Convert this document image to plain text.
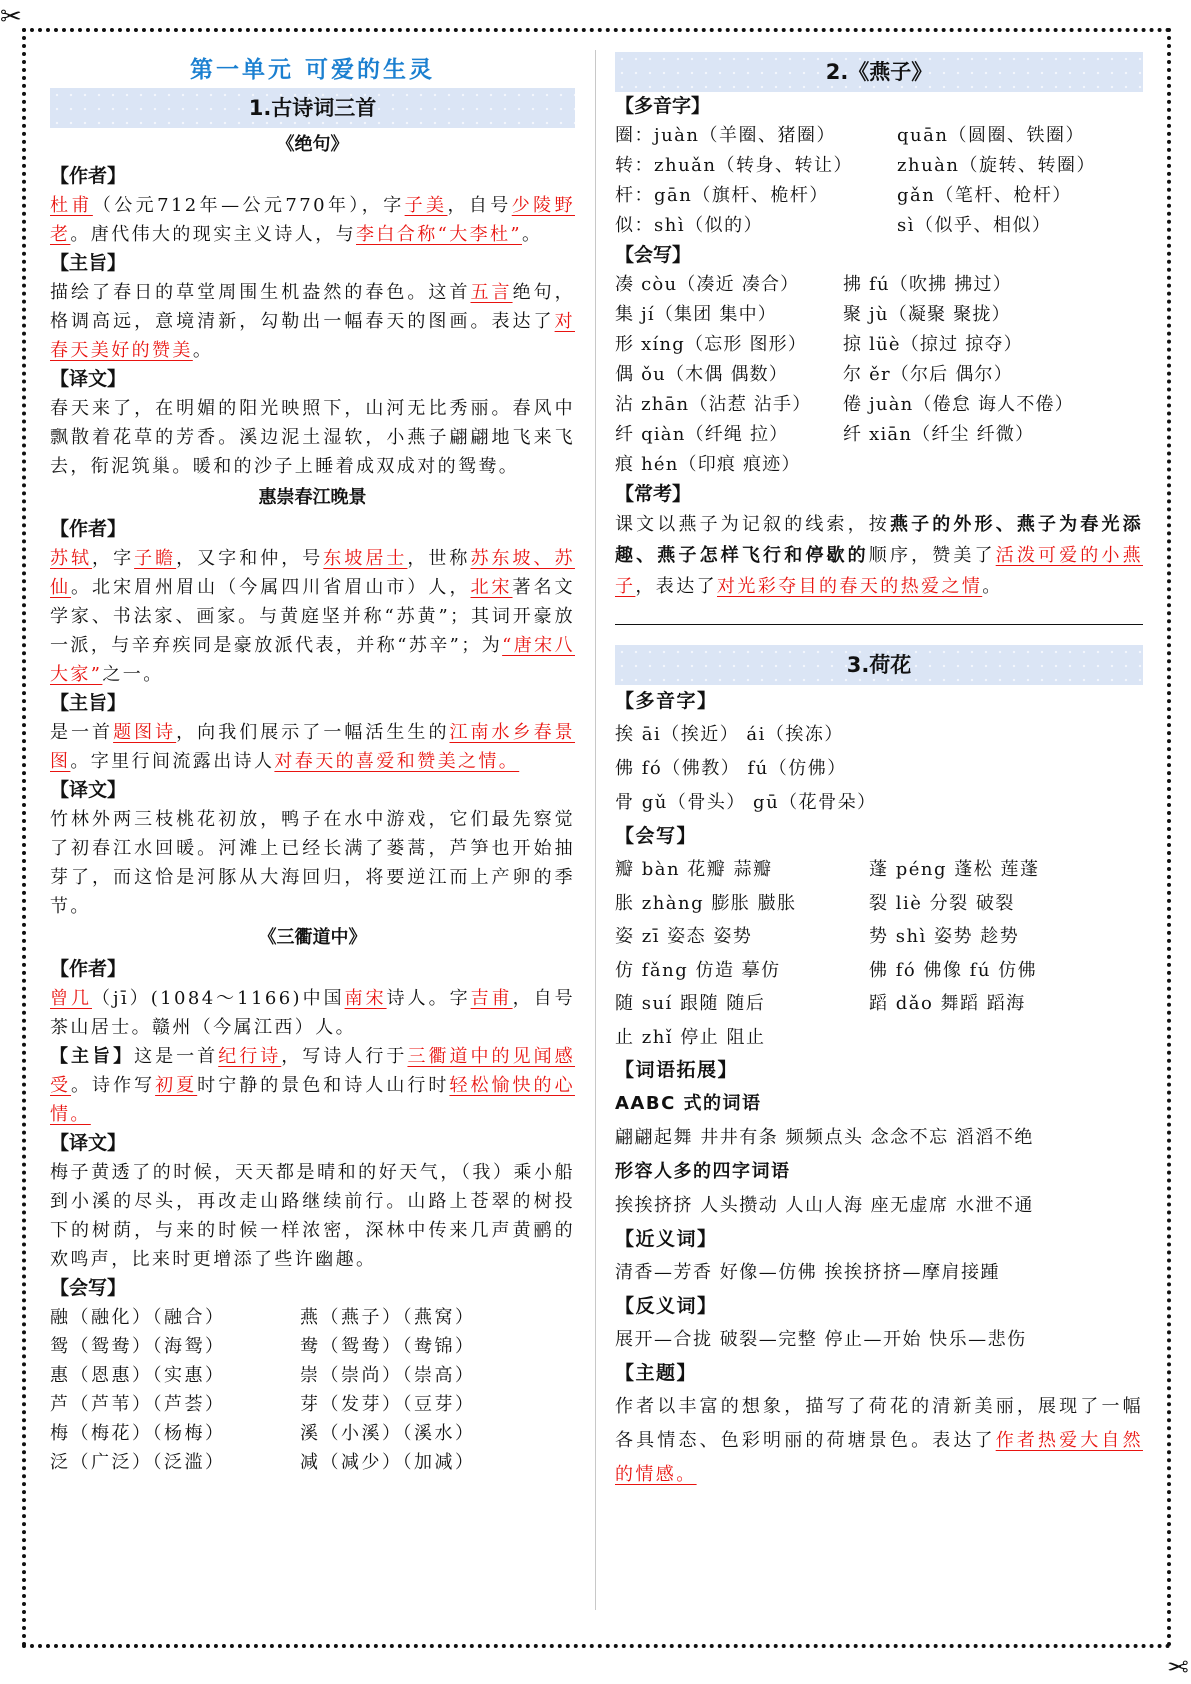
✂
✂
第一单元 可爱的生灵
1.古诗词三首
《绝句》
【作者】
杜甫（公元712年—公元770年），字子美，自号少陵野老。唐代伟大的现实主义诗人，与李白合称“大李杜”。
【主旨】
描绘了春日的草堂周围生机盎然的春色。这首五言绝句，格调高远，意境清新，勾勒出一幅春天的图画。表达了对春天美好的赞美。
【译文】
春天来了，在明媚的阳光映照下，山河无比秀丽。春风中飘散着花草的芳香。溪边泥土湿软，小燕子翩翩地飞来飞去，衔泥筑巢。暖和的沙子上睡着成双成对的鸳鸯。
惠崇春江晚景
【作者】
苏轼，字子瞻，又字和仲，号东坡居士，世称苏东坡、苏仙。北宋眉州眉山（今属四川省眉山市）人，北宋著名文学家、书法家、画家。与黄庭坚并称“苏黄”；其词开豪放一派，与辛弃疾同是豪放派代表，并称“苏辛”；为“唐宋八大家”之一。
【主旨】
是一首题图诗，向我们展示了一幅活生生的江南水乡春景图。字里行间流露出诗人对春天的喜爱和赞美之情。
【译文】
竹林外两三枝桃花初放，鸭子在水中游戏，它们最先察觉了初春江水回暖。河滩上已经长满了蒌蒿，芦笋也开始抽芽了，而这恰是河豚从大海回归，将要逆江而上产卵的季节。
《三衢道中》
【作者】
曾几（jī）(1084～1166)中国南宋诗人。字吉甫，自号茶山居士。赣州（今属江西）人。
【主旨】这是一首纪行诗，写诗人行于三衢道中的见闻感受。诗作写初夏时宁静的景色和诗人山行时轻松愉快的心情。
【译文】
梅子黄透了的时候，天天都是晴和的好天气，（我）乘小船到小溪的尽头，再改走山路继续前行。山路上苍翠的树投下的树荫，与来的时候一样浓密，深林中传来几声黄鹂的欢鸣声，比来时更增添了些许幽趣。
【会写】
融（融化）（融合）	燕（燕子）（燕窝）
鸳（鸳鸯）（海鸳）	鸯（鸳鸯）（鸯锦）
惠（恩惠）（实惠）	崇（崇尚）（崇高）
芦（芦苇）（芦荟）	芽（发芽）（豆芽）
梅（梅花）（杨梅）	溪（小溪）（溪水）
泛（广泛）（泛滥）	减（减少）（加减）
2.《燕子》
【多音字】
圈：juàn（羊圈、猪圈）	quān（圆圈、铁圈）
转：zhuǎn（转身、转让）	zhuàn（旋转、转圈）
杆：gān（旗杆、桅杆）	gǎn（笔杆、枪杆）
似：shì（似的）	sì（似乎、相似）
【会写】
凑 còu（凑近 凑合）	拂 fú（吹拂 拂过）
集 jí（集团 集中）	聚 jù（凝聚 聚拢）
形 xíng（忘形 图形）	掠 lüè（掠过 掠夺）
偶 ǒu（木偶 偶数）	尔 ěr（尔后 偶尔）
沾 zhān（沾惹 沾手）	倦 juàn（倦怠 诲人不倦）
纤 qiàn（纤绳 拉）	纤 xiān（纤尘 纤微）
痕 hén（印痕 痕迹）
【常考】
课文以燕子为记叙的线索，按燕子的外形、燕子为春光添趣、燕子怎样飞行和停歇的顺序，赞美了活泼可爱的小燕子，表达了对光彩夺目的春天的热爱之情。
3.荷花
【多音字】
挨 āi（挨近） ái（挨冻）
佛 fó（佛教） fú（仿佛）
骨 gǔ（骨头） gū（花骨朵）
【会写】
瓣 bàn 花瓣 蒜瓣	蓬 péng 蓬松 莲蓬
胀 zhàng 膨胀 臌胀	裂 liè 分裂 破裂
姿 zī 姿态 姿势	势 shì 姿势 趁势
仿 fǎng 仿造 摹仿	佛 fó 佛像 fú 仿佛
随 suí 跟随 随后	蹈 dǎo 舞蹈 蹈海
止 zhǐ 停止 阻止
【词语拓展】
AABC 式的词语
翩翩起舞 井井有条 频频点头 念念不忘 滔滔不绝
形容人多的四字词语
挨挨挤挤 人头攒动 人山人海 座无虚席 水泄不通
【近义词】
清香—芳香 好像—仿佛 挨挨挤挤—摩肩接踵
【反义词】
展开—合拢 破裂—完整 停止—开始 快乐—悲伤
【主题】
作者以丰富的想象，描写了荷花的清新美丽，展现了一幅各具情态、色彩明丽的荷塘景色。表达了作者热爱大自然的情感。
